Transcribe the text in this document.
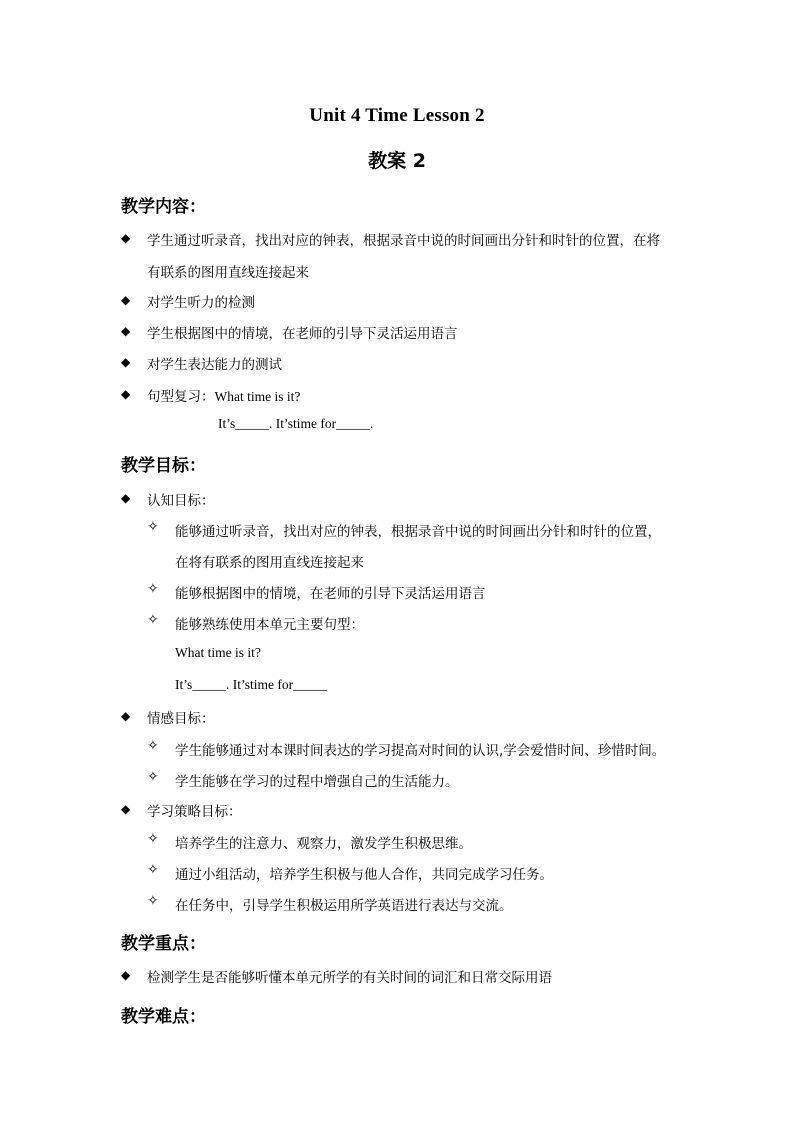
Unit 4 Time Lesson 2
教案 2
教学内容：
◆ 学生通过听录音，找出对应的钟表，根据录音中说的时间画出分针和时针的位置，在将
有联系的图用直线连接起来
◆ 对学生听力的检测
◆ 学生根据图中的情境，在老师的引导下灵活运用语言
◆ 对学生表达能力的测试
◆ 句型复习：What time is it?
It’s_____. It’stime for_____.
教学目标：
◆ 认知目标：
✧ 能够通过听录音，找出对应的钟表，根据录音中说的时间画出分针和时针的位置，
在将有联系的图用直线连接起来
✧ 能够根据图中的情境，在老师的引导下灵活运用语言
✧ 能够熟练使用本单元主要句型：
What time is it?
It’s_____. It’stime for_____
◆ 情感目标：
✧ 学生能够通过对本课时间表达的学习提高对时间的认识,学会爱惜时间、珍惜时间。
✧ 学生能够在学习的过程中增强自己的生活能力。
◆ 学习策略目标：
✧ 培养学生的注意力、观察力，激发学生积极思维。
✧ 通过小组活动，培养学生积极与他人合作，共同完成学习任务。
✧ 在任务中，引导学生积极运用所学英语进行表达与交流。
教学重点：
◆ 检测学生是否能够听懂本单元所学的有关时间的词汇和日常交际用语
教学难点：
